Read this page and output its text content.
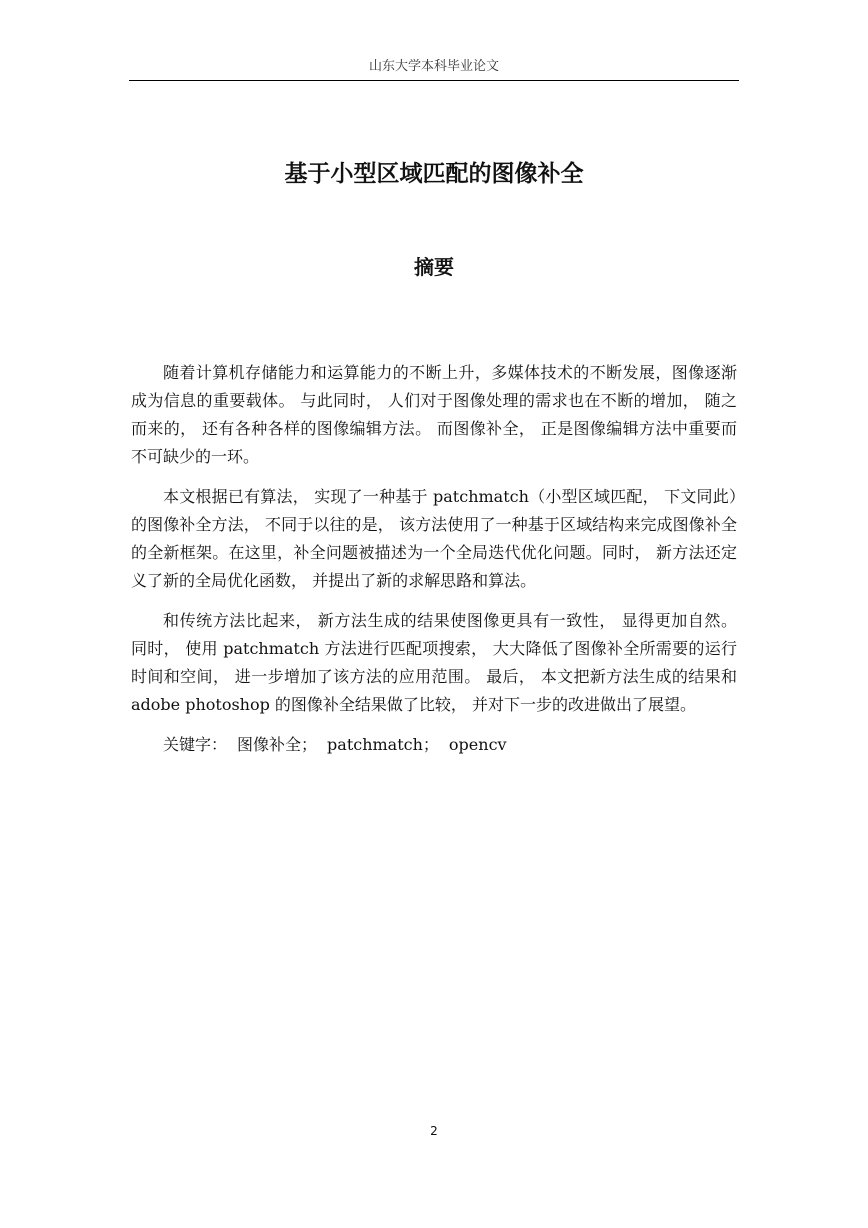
山东大学本科毕业论文
基于小型区域匹配的图像补全
摘要

随着计算机存储能力和运算能力的不断上升，多媒体技术的不断发展，图像逐渐成为信息的重要载体。 与此同时， 人们对于图像处理的需求也在不断的增加， 随之而来的， 还有各种各样的图像编辑方法。 而图像补全， 正是图像编辑方法中重要而不可缺少的一环。

本文根据已有算法， 实现了一种基于 patchmatch（小型区域匹配， 下文同此）的图像补全方法， 不同于以往的是， 该方法使用了一种基于区域结构来完成图像补全的全新框架。在这里，补全问题被描述为一个全局迭代优化问题。同时， 新方法还定义了新的全局优化函数， 并提出了新的求解思路和算法。

和传统方法比起来， 新方法生成的结果使图像更具有一致性， 显得更加自然。 同时， 使用 patchmatch 方法进行匹配项搜索， 大大降低了图像补全所需要的运行时间和空间， 进一步增加了该方法的应用范围。 最后， 本文把新方法生成的结果和 adobe photoshop 的图像补全结果做了比较， 并对下一步的改进做出了展望。

关键字： 图像补全； patchmatch； opencv

2
